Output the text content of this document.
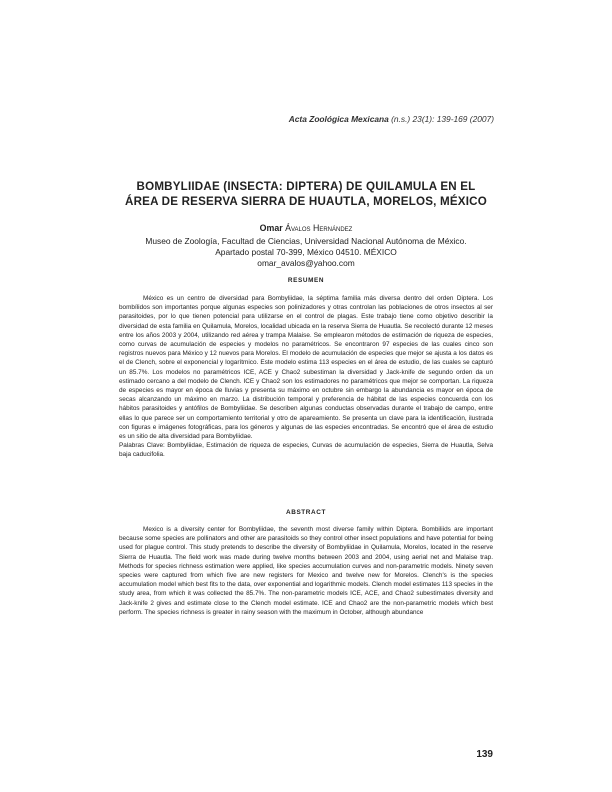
Acta Zoológica Mexicana (n.s.) 23(1): 139-169 (2007)
BOMBYLIIDAE (INSECTA: DIPTERA) DE QUILAMULA EN EL
ÁREA DE RESERVA SIERRA DE HUAUTLA, MORELOS, MÉXICO
Omar Ávalos Hernández
Museo de Zoología, Facultad de Ciencias, Universidad Nacional Autónoma de México.
Apartado postal 70-399, México 04510. MÉXICO
omar_avalos@yahoo.com
RESUMEN

México es un centro de diversidad para Bombyliidae, la séptima familia más diversa dentro del orden Diptera. Los bombílidos son importantes porque algunas especies son polinizadores y otras controlan las poblaciones de otros insectos al ser parasitoides, por lo que tienen potencial para utilizarse en el control de plagas. Este trabajo tiene como objetivo describir la diversidad de esta familia en Quilamula, Morelos, localidad ubicada en la reserva Sierra de Huautla. Se recolectó durante 12 meses entre los años 2003 y 2004, utilizando red aérea y trampa Malaise. Se emplearon métodos de estimación de riqueza de especies, como curvas de acumulación de especies y modelos no paramétricos. Se encontraron 97 especies de las cuales cinco son registros nuevos para México y 12 nuevos para Morelos. El modelo de acumulación de especies que mejor se ajusta a los datos es el de Clench, sobre el exponencial y logarítmico. Este modelo estima 113 especies en el área de estudio, de las cuales se capturó un 85.7%. Los modelos no paramétricos ICE, ACE y Chao2 subestiman la diversidad y Jack-knife de segundo orden da un estimado cercano a del modelo de Clench. ICE y Chao2 son los estimadores no paramétricos que mejor se comportan. La riqueza de especies es mayor en época de lluvias y presenta su máximo en octubre sin embargo la abundancia es mayor en época de secas alcanzando un máximo en marzo. La distribución temporal y preferencia de hábitat de las especies concuerda con los hábitos parasitoides y antófilos de Bombyliidae. Se describen algunas conductas observadas durante el trabajo de campo, entre ellas lo que parece ser un comportamiento territorial y otro de apareamiento. Se presenta un clave para la identificación, ilustrada con figuras e imágenes fotográficas, para los géneros y algunas de las especies encontradas. Se encontró que el área de estudio es un sitio de alta diversidad para Bombyliidae.

Palabras Clave: Bombyliidae, Estimación de riqueza de especies, Curvas de acumulación de especies, Sierra de Huautla, Selva baja caducifolia.

ABSTRACT

Mexico is a diversity center for Bombyliidae, the seventh most diverse family within Diptera. Bombiliids are important because some species are pollinators and other are parasitoids so they control other insect populations and have potential for being used for plague control. This study pretends to describe the diversity of Bombyliidae in Quilamula, Morelos, located in the reserve Sierra de Huautla. The field work was made during twelve months between 2003 and 2004, using aerial net and Malaise trap. Methods for species richness estimation were applied, like species accumulation curves and non-parametric models. Ninety seven species were captured from which five are new registers for Mexico and twelve new for Morelos. Clench's is the species accumulation model which best fits to the data, over exponential and logarithmic models. Clench model estimates 113 species in the study area, from which it was collected the 85.7%. The non-parametric models ICE, ACE, and Chao2 subestimates diversity and Jack-knife 2 gives and estimate close to the Clench model estimate. ICE and Chao2 are the non-parametric models which best perform. The species richness is greater in rainy season with the maximum in October, although abundance

139
